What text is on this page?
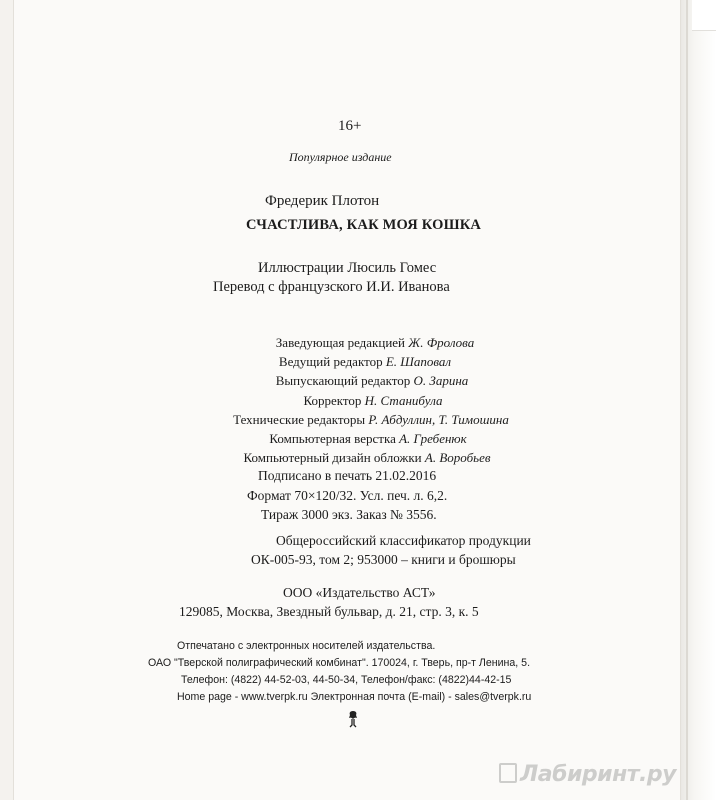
16+
Популярное издание
Фредерик Плотон
СЧАСТЛИВА, КАК МОЯ КОШКА
Иллюстрации Люсиль Гомес
Перевод с французского И.И. Иванова
Заведующая редакцией Ж. Фролова
Ведущий редактор Е. Шаповал
Выпускающий редактор О. Зарина
Корректор Н. Станибула
Технические редакторы Р. Абдуллин, Т. Тимошина
Компьютерная верстка А. Гребенюк
Компьютерный дизайн обложки А. Воробьев
Подписано в печать 21.02.2016
Формат 70×120/32. Усл. печ. л. 6,2.
Тираж 3000 экз. Заказ № 3556.
Общероссийский классификатор продукции
ОК-005-93, том 2; 953000 – книги и брошюры
ООО «Издательство АСТ»
129085, Москва, Звездный бульвар, д. 21, стр. 3, к. 5
Отпечатано с электронных носителей издательства.
ОАО "Тверской полиграфический комбинат". 170024, г. Тверь, пр-т Ленина, 5.
Телефон: (4822) 44-52-03, 44-50-34, Телефон/факс: (4822)44-42-15
Home page - www.tverpk.ru Электронная почта (E-mail) - sales@tverpk.ru
Лабиринт.ру
